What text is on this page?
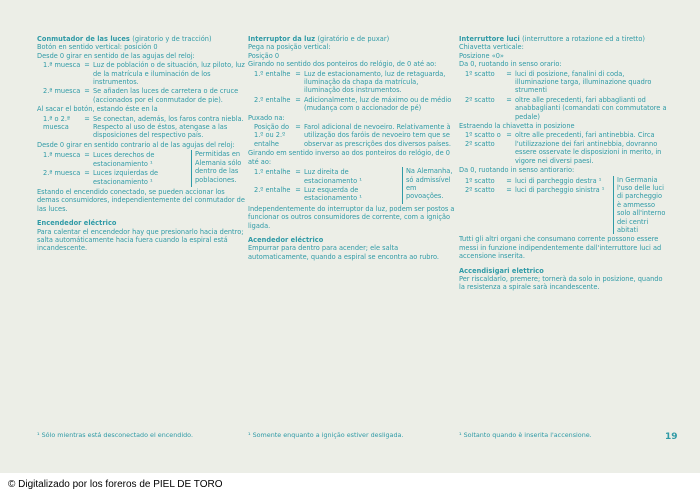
Conmutador de las luces (giratorio y de tracción)

Botón en sentido vertical: posición 0

Desde 0 girar en sentido de las agujas del reloj:

1.ª muesca = Luz de población o de situación, luz piloto, luz de la matrícula e iluminación de los instrumentos.
2.ª muesca = Se añaden las luces de carretera o de cruce (accionados por el conmutador de pie).

Al sacar el botón, estando éste en la

1.ª o 2.ª muesca
= Se conectan, además, los faros contra niebla. Respecto al uso de éstos, atengase a las disposiciones del respectivo país.

Desde 0 girar en sentido contrario al de las agujas del reloj:

1.ª muesca = Luces derechos de estacionamiento ¹
2.ª muesca = Luces izquierdas de estacionamiento ¹
Permitidas en Alemania sólo dentro de las poblaciones.

Estando el encendido conectado, se pueden accionar los demas consumidores, independientemente del conmutador de las luces.

Encendedor eléctrico

Para calentar el encendedor hay que presionarlo hacia dentro; salta automáticamente hacia fuera cuando la espiral está incandescente.

Interruptor da luz (giratório e de puxar)

Pega na posição vertical:

Posição 0

Girando no sentido dos ponteiros do relógio, de 0 até ao:

1.º entalhe = Luz de estacionamento, luz de retaguarda, iluminação da chapa da matrícula, iluminação dos instrumentos.
2.º entalhe = Adicionalmente, luz de máximo ou de médio (mudança com o accionador de pé)

Puxado na:

Posição do 1.º ou 2.º entalhe
= Farol adicional de nevoeiro. Relativamente à utilização dos faróis de nevoeiro tem que se observar as prescrições dos diversos países.

Girando em sentido inverso ao dos ponteiros do relógio, de 0 até ao:

1.º entalhe = Luz direita de estacionamento ¹
2.º entalhe = Luz esquerda de estacionamento ¹
Na Alemanha, só admissível em povoações.

Independentemente do interruptor da luz, podem ser postos a funcionar os outros consumidores de corrente, com a ignição ligada.

Acendedor eléctrico

Empurrar para dentro para acender; ele salta automaticamente, quando a espiral se encontra ao rubro.

Interruttore luci (interruttore a rotazione ed a tiretto)

Chiavetta verticale:

Posizione «0»

Da 0, ruotando in senso orario:

1º scatto	= luci di posizione, fanalini di coda, illuminazione targa, illuminazione quadro strumenti
2º scatto	= oltre alle precedenti, fari abbaglianti od anabbaglianti (comandati con commutatore a pedale)

Estraendo la chiavetta in posizione

1º scatto o 2º scatto
= oltre alle precedenti, fari antinebbia. Circa l'utilizzazione dei fari antinebbia, dovranno essere osservate le disposizioni in merito, in vigore nei diversi paesi.

Da 0, ruotando in senso antiorario:

1º scatto	= luci di parcheggio destra ¹
2º scatto	= luci di parcheggio sinistra ¹
In Germania l'uso delle luci di parcheggio è ammesso solo all'interno dei centri abitati

Tutti gli altri organi che consumano corrente possono essere messi in funzione indipendentemente dall'interruttore luci ad accensione inserita.

Accendisigari elettrico

Per riscaldarlo, premere; tornerà da solo in posizione, quando la resistenza a spirale sarà incandescente.

¹ Sólo mientras está desconectado el encendido.	¹ Somente enquanto a ignição estiver desligada.	¹ Soltanto quando è inserita l'accensione.	19
© Digitalizado por los foreros de PIEL DE TORO
